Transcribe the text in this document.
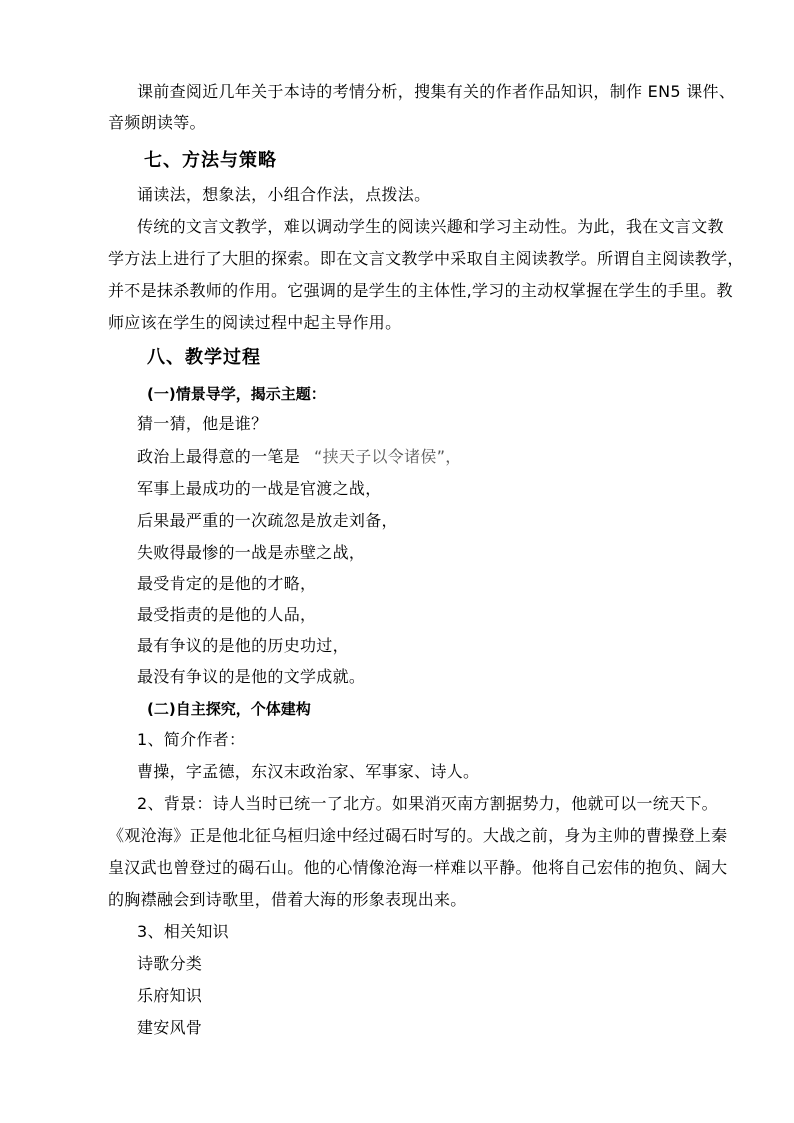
课前查阅近几年关于本诗的考情分析，搜集有关的作者作品知识，制作 EN5 课件、
音频朗读等。
七、方法与策略
诵读法，想象法，小组合作法，点拨法。
传统的文言文教学，难以调动学生的阅读兴趣和学习主动性。为此，我在文言文教
学方法上进行了大胆的探索。即在文言文教学中采取自主阅读教学。所谓自主阅读教学，
并不是抹杀教师的作用。它强调的是学生的主体性,学习的主动权掌握在学生的手里。教
师应该在学生的阅读过程中起主导作用。
八、教学过程
(一)情景导学，揭示主题：
猜一猜，他是谁？
政治上最得意的一笔是 “挟天子以令诸侯”，
军事上最成功的一战是官渡之战，
后果最严重的一次疏忽是放走刘备，
失败得最惨的一战是赤壁之战，
最受肯定的是他的才略，
最受指责的是他的人品，
最有争议的是他的历史功过，
最没有争议的是他的文学成就。
(二)自主探究，个体建构
1、简介作者：
曹操，字孟德，东汉末政治家、军事家、诗人。
2、背景：诗人当时已统一了北方。如果消灭南方割据势力，他就可以一统天下。
《观沧海》正是他北征乌桓归途中经过碣石时写的。大战之前，身为主帅的曹操登上秦
皇汉武也曾登过的碣石山。他的心情像沧海一样难以平静。他将自己宏伟的抱负、阔大
的胸襟融会到诗歌里，借着大海的形象表现出来。
3、相关知识
诗歌分类
乐府知识
建安风骨
